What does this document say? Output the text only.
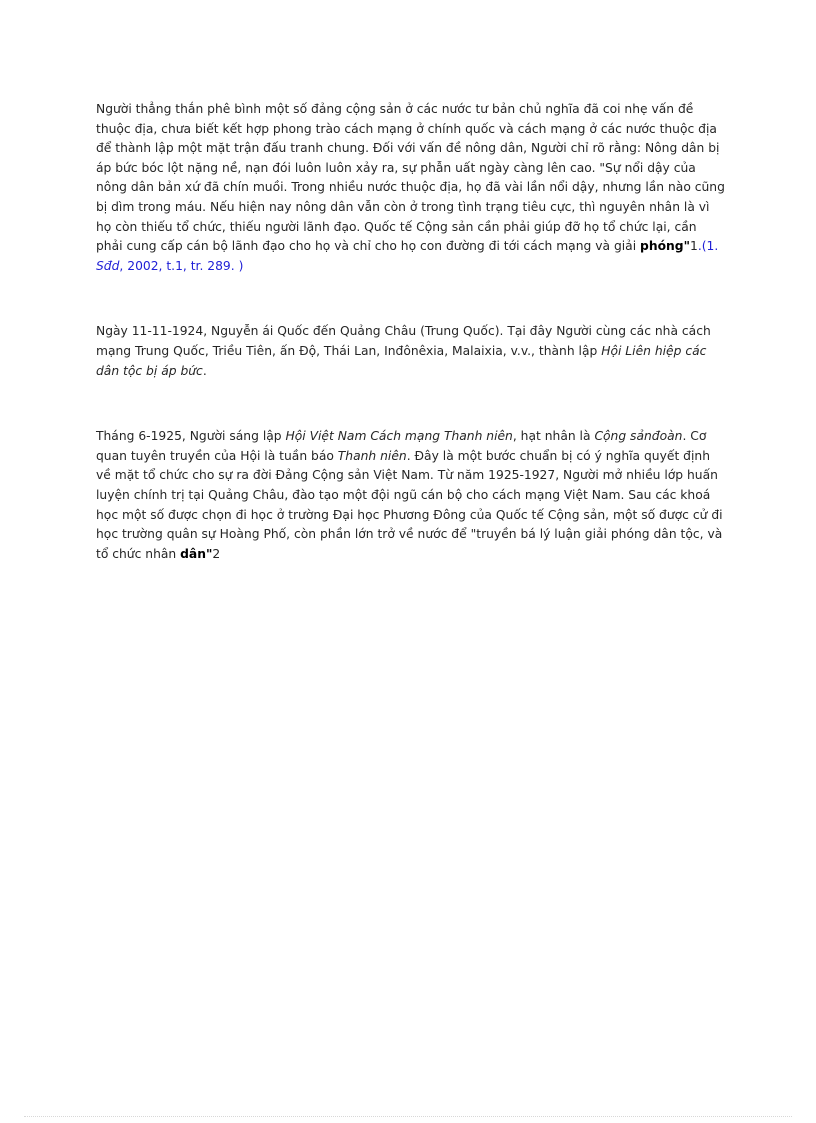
Người thẳng thắn phê bình một số đảng cộng sản ở các nước tư bản chủ nghĩa đã coi nhẹ vấn đề thuộc địa, chưa biết kết hợp phong trào cách mạng ở chính quốc và cách mạng ở các nước thuộc địa để thành lập một mặt trận đấu tranh chung. Đối với vấn đề nông dân, Người chỉ rõ rằng: Nông dân bị áp bức bóc lột nặng nề, nạn đói luôn luôn xảy ra, sự phẫn uất ngày càng lên cao. "Sự nổi dậy của nông dân bản xứ đã chín muồi. Trong nhiều nước thuộc địa, họ đã vài lần nổi dậy, nhưng lần nào cũng bị dìm trong máu. Nếu hiện nay nông dân vẫn còn ở trong tình trạng tiêu cực, thì nguyên nhân là vì họ còn thiếu tổ chức, thiếu người lãnh đạo. Quốc tế Cộng sản cần phải giúp đỡ họ tổ chức lại, cần phải cung cấp cán bộ lãnh đạo cho họ và chỉ cho họ con đường đi tới cách mạng và giải phóng"1.(1. Sđd, 2002, t.1, tr. 289. )

Ngày 11-11-1924, Nguyễn ái Quốc đến Quảng Châu (Trung Quốc). Tại đây Người cùng các nhà cách mạng Trung Quốc, Triều Tiên, ấn Độ, Thái Lan, Inđônêxia, Malaixia, v.v., thành lập Hội Liên hiệp các dân tộc bị áp bức.

Tháng 6-1925, Người sáng lập Hội Việt Nam Cách mạng Thanh niên, hạt nhân là Cộng sảnđoàn. Cơ quan tuyên truyền của Hội là tuần báo Thanh niên. Đây là một bước chuẩn bị có ý nghĩa quyết định về mặt tổ chức cho sự ra đời Đảng Cộng sản Việt Nam. Từ năm 1925-1927, Người mở nhiều lớp huấn luyện chính trị tại Quảng Châu, đào tạo một đội ngũ cán bộ cho cách mạng Việt Nam. Sau các khoá học một số được chọn đi học ở trường Đại học Phương Đông của Quốc tế Cộng sản, một số được cử đi học trường quân sự Hoàng Phố, còn phần lớn trở về nước để "truyền bá lý luận giải phóng dân tộc, và tổ chức nhân dân"2
